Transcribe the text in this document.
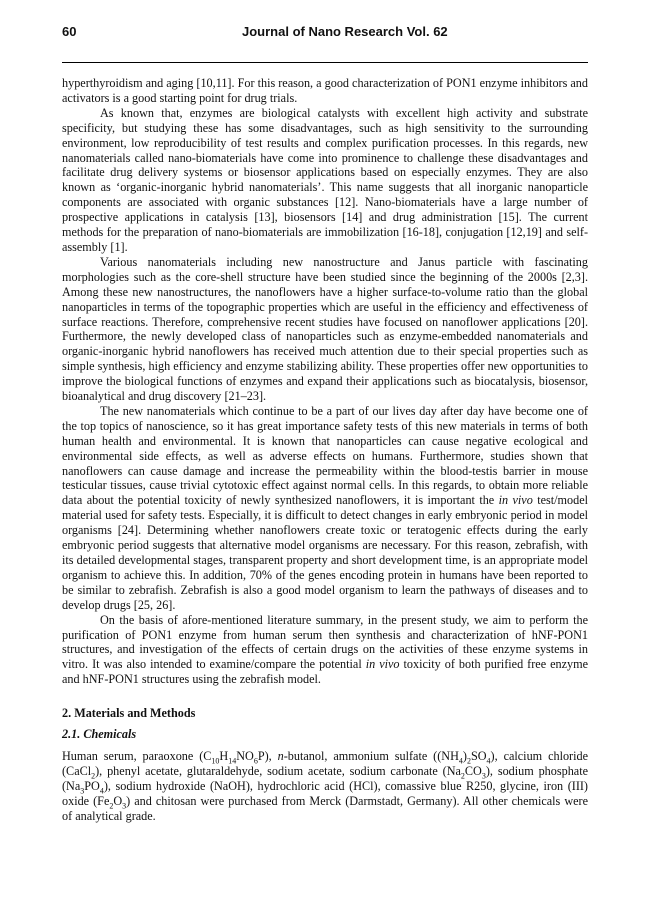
60	Journal of Nano Research Vol. 62

hyperthyroidism and aging [10,11]. For this reason, a good characterization of PON1 enzyme inhibitors and activators is a good starting point for drug trials.

As known that, enzymes are biological catalysts with excellent high activity and substrate specificity, but studying these has some disadvantages, such as high sensitivity to the surrounding environment, low reproducibility of test results and complex purification processes. In this regards, new nanomaterials called nano-biomaterials have come into prominence to challenge these disadvantages and facilitate drug delivery systems or biosensor applications based on especially enzymes. They are also known as ‘organic-inorganic hybrid nanomaterials’. This name suggests that all inorganic nanoparticle components are associated with organic substances [12]. Nano-biomaterials have a large number of prospective applications in catalysis [13], biosensors [14] and drug administration [15]. The current methods for the preparation of nano-biomaterials are immobilization [16-18], conjugation [12,19] and self-assembly [1].

Various nanomaterials including new nanostructure and Janus particle with fascinating morphologies such as the core-shell structure have been studied since the beginning of the 2000s [2,3]. Among these new nanostructures, the nanoflowers have a higher surface-to-volume ratio than the global nanoparticles in terms of the topographic properties which are useful in the efficiency and effectiveness of surface reactions. Therefore, comprehensive recent studies have focused on nanoflower applications [20]. Furthermore, the newly developed class of nanoparticles such as enzyme-embedded nanomaterials and organic-inorganic hybrid nanoflowers has received much attention due to their special properties such as simple synthesis, high efficiency and enzyme stabilizing ability. These properties offer new opportunities to improve the biological functions of enzymes and expand their applications such as biocatalysis, biosensor, bioanalytical and drug discovery [21–23].

The new nanomaterials which continue to be a part of our lives day after day have become one of the top topics of nanoscience, so it has great importance safety tests of this new materials in terms of both human health and environmental. It is known that nanoparticles can cause negative ecological and environmental side effects, as well as adverse effects on humans. Furthermore, studies shown that nanoflowers can cause damage and increase the permeability within the blood-testis barrier in mouse testicular tissues, cause trivial cytotoxic effect against normal cells. In this regards, to obtain more reliable data about the potential toxicity of newly synthesized nanoflowers, it is important the in vivo test/model material used for safety tests. Especially, it is difficult to detect changes in early embryonic period in model organisms [24]. Determining whether nanoflowers create toxic or teratogenic effects during the early embryonic period suggests that alternative model organisms are necessary. For this reason, zebrafish, with its detailed developmental stages, transparent property and short development time, is an appropriate model organism to achieve this. In addition, 70% of the genes encoding protein in humans have been reported to be similar to zebrafish. Zebrafish is also a good model organism to learn the pathways of diseases and to develop drugs [25, 26].

On the basis of afore-mentioned literature summary, in the present study, we aim to perform the purification of PON1 enzyme from human serum then synthesis and characterization of hNF-PON1 structures, and investigation of the effects of certain drugs on the activities of these enzyme systems in vitro. It was also intended to examine/compare the potential in vivo toxicity of both purified free enzyme and hNF-PON1 structures using the zebrafish model.

2. Materials and Methods
2.1. Chemicals

Human serum, paraoxone $(C_{10}H_{14}NO_6P)$, n-butanol, ammonium sulfate $((NH_4)_2SO_4)$, calcium chloride (CaCl$_2$), phenyl acetate, glutaraldehyde, sodium acetate, sodium carbonate $(Na_2CO_3)$, sodium phosphate $(Na_3PO_4)$, sodium hydroxide (NaOH), hydrochloric acid (HCl), comassive blue R250, glycine, iron (III) oxide $(Fe_2O_3)$ and chitosan were purchased from Merck (Darmstadt, Germany). All other chemicals were of analytical grade.
